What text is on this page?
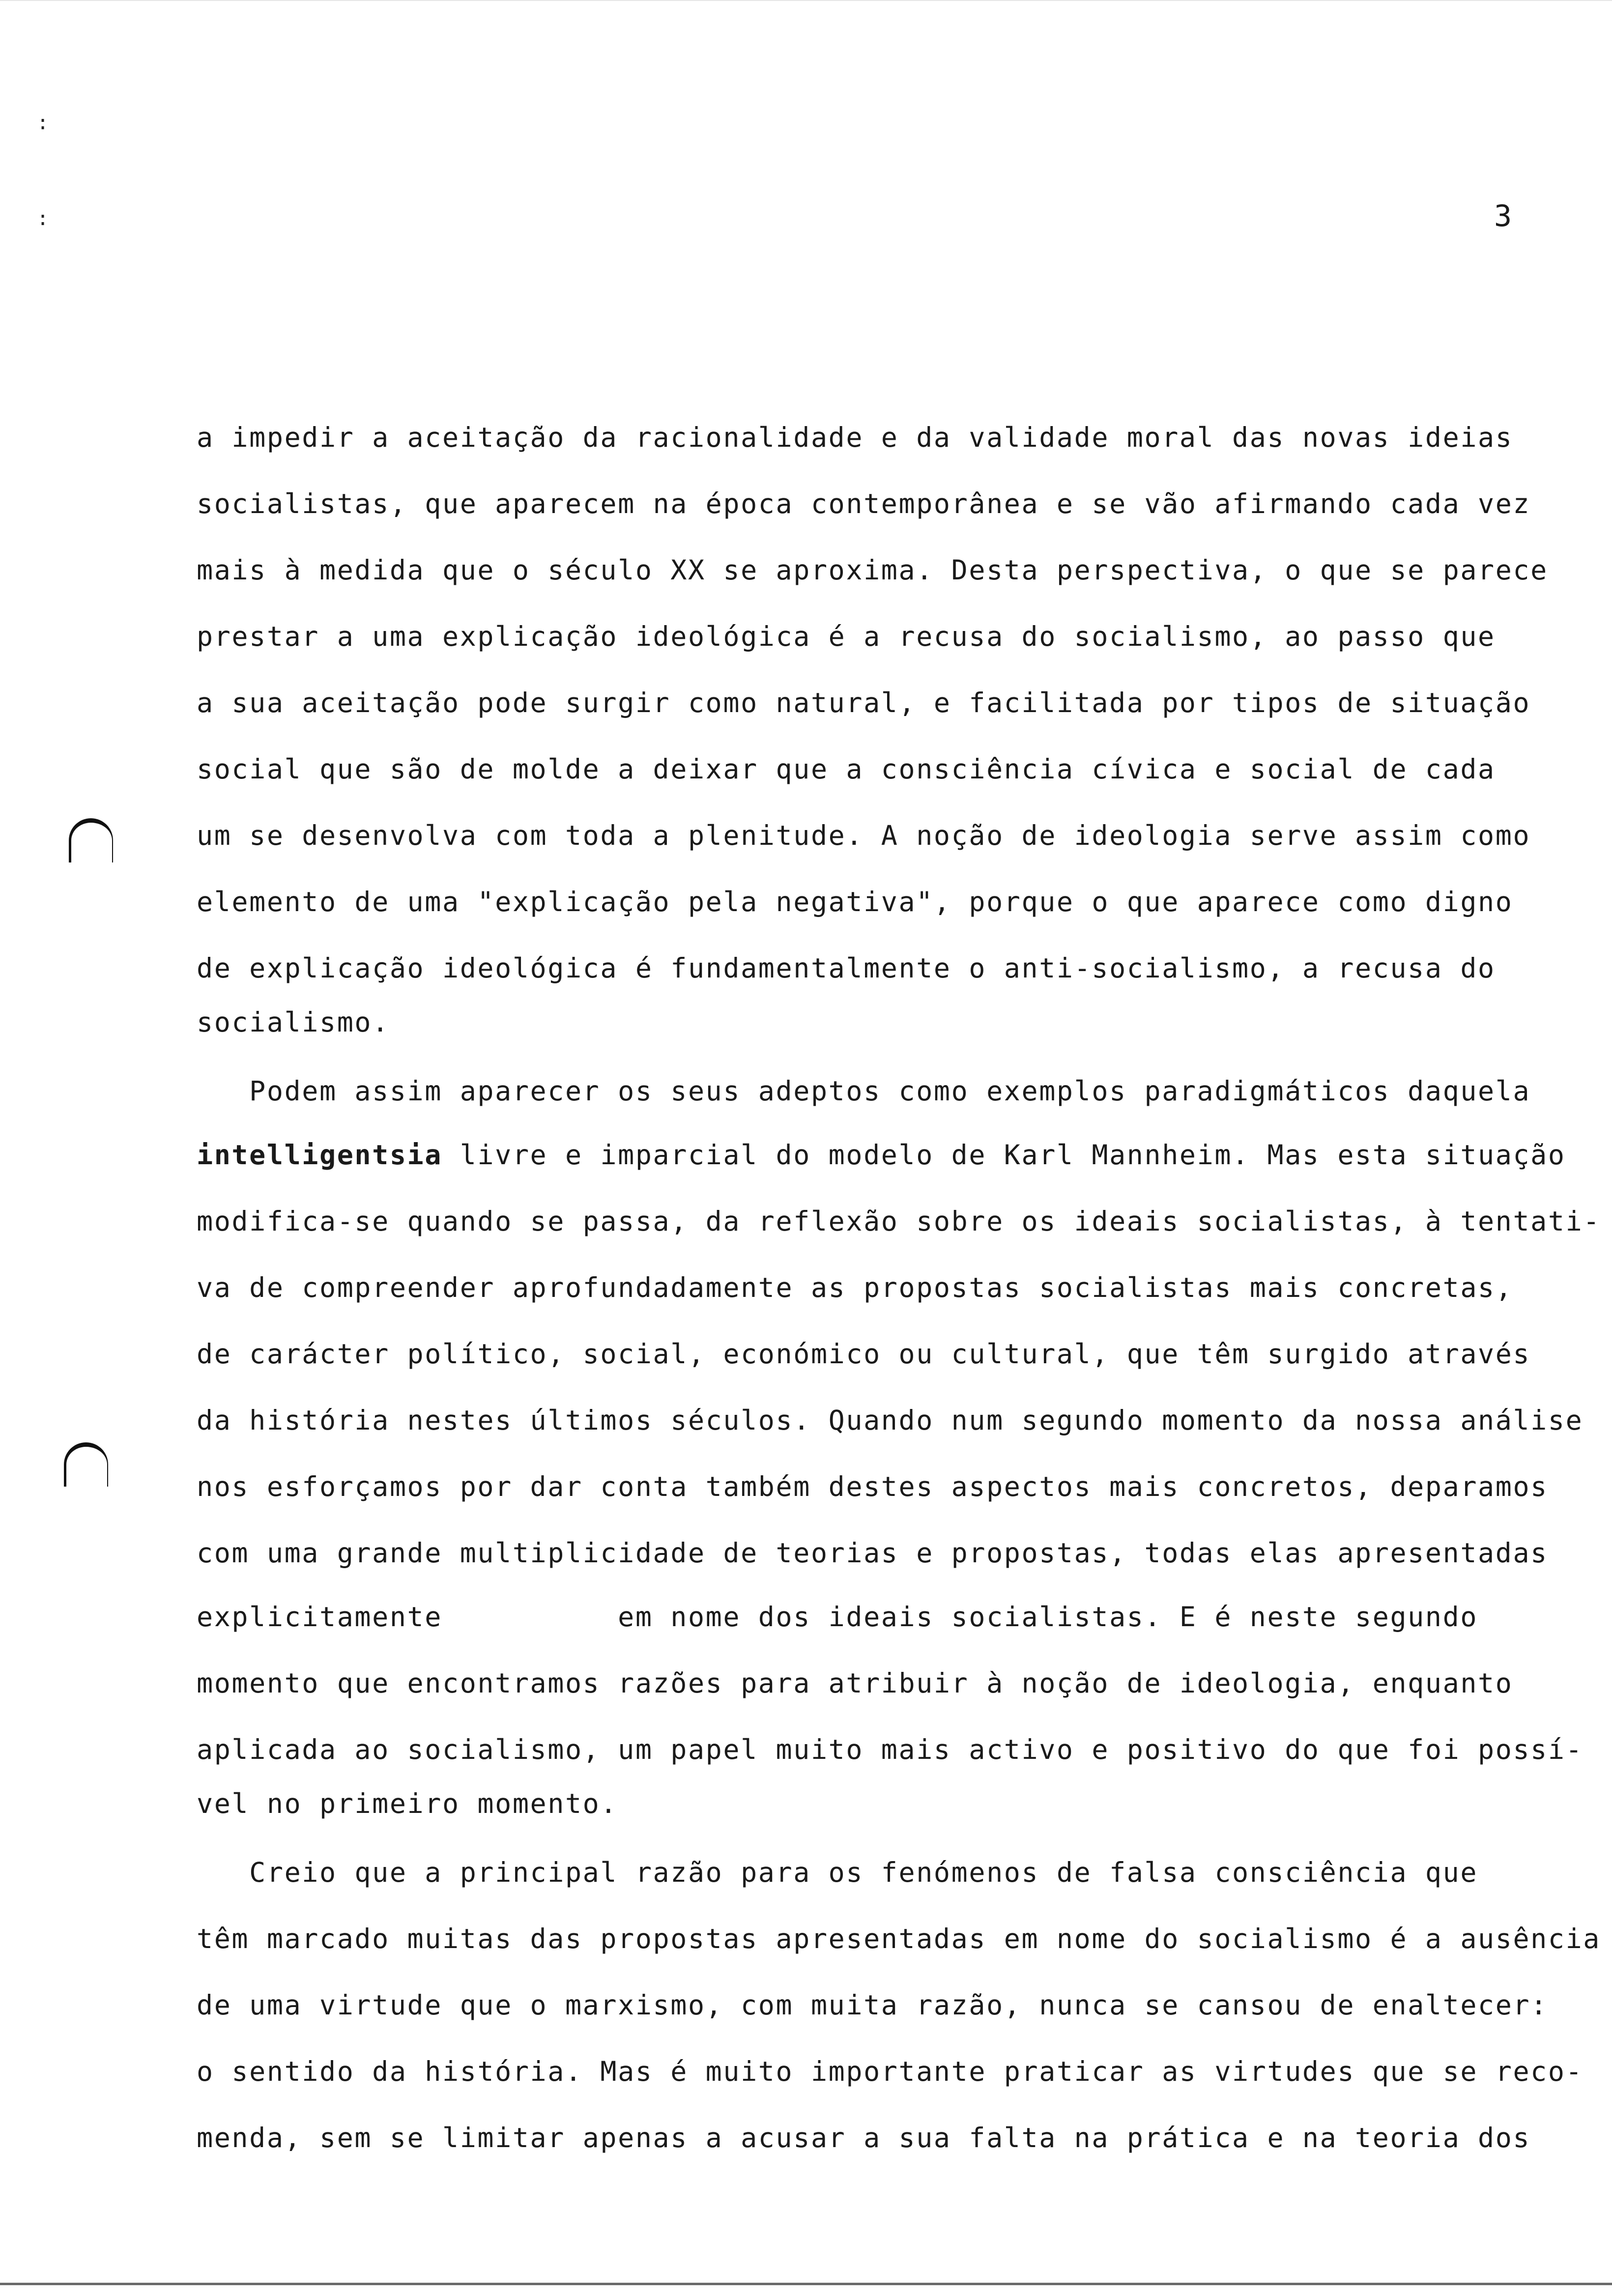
:
:	3
a impedir a aceitação da racionalidade e da validade moral das novas ideias
socialistas, que aparecem na época contemporânea e se vão afirmando cada vez
mais à medida que o século XX se aproxima. Desta perspectiva, o que se parece
prestar a uma explicação ideológica é a recusa do socialismo, ao passo que
a sua aceitação pode surgir como natural, e facilitada por tipos de situação
social que são de molde a deixar que a consciência cívica e social de cada
um se desenvolva com toda a plenitude. A noção de ideologia serve assim como
elemento de uma "explicação pela negativa", porque o que aparece como digno
de explicação ideológica é fundamentalmente o anti-socialismo, a recusa do
socialismo.
Podem assim aparecer os seus adeptos como exemplos paradigmáticos daquela
intelligentsia livre e imparcial do modelo de Karl Mannheim. Mas esta situação
modifica-se quando se passa, da reflexão sobre os ideais socialistas, à tentati-
va de compreender aprofundadamente as propostas socialistas mais concretas,
de carácter político, social, económico ou cultural, que têm surgido através
da história nestes últimos séculos. Quando num segundo momento da nossa análise
nos esforçamos por dar conta também destes aspectos mais concretos, deparamos
com uma grande multiplicidade de teorias e propostas, todas elas apresentadas
explicitamente          em nome dos ideais socialistas. E é neste segundo
momento que encontramos razões para atribuir à noção de ideologia, enquanto
aplicada ao socialismo, um papel muito mais activo e positivo do que foi possí-
vel no primeiro momento.
Creio que a principal razão para os fenómenos de falsa consciência que
têm marcado muitas das propostas apresentadas em nome do socialismo é a ausência
de uma virtude que o marxismo, com muita razão, nunca se cansou de enaltecer:
o sentido da história. Mas é muito importante praticar as virtudes que se reco-
menda, sem se limitar apenas a acusar a sua falta na prática e na teoria dos
